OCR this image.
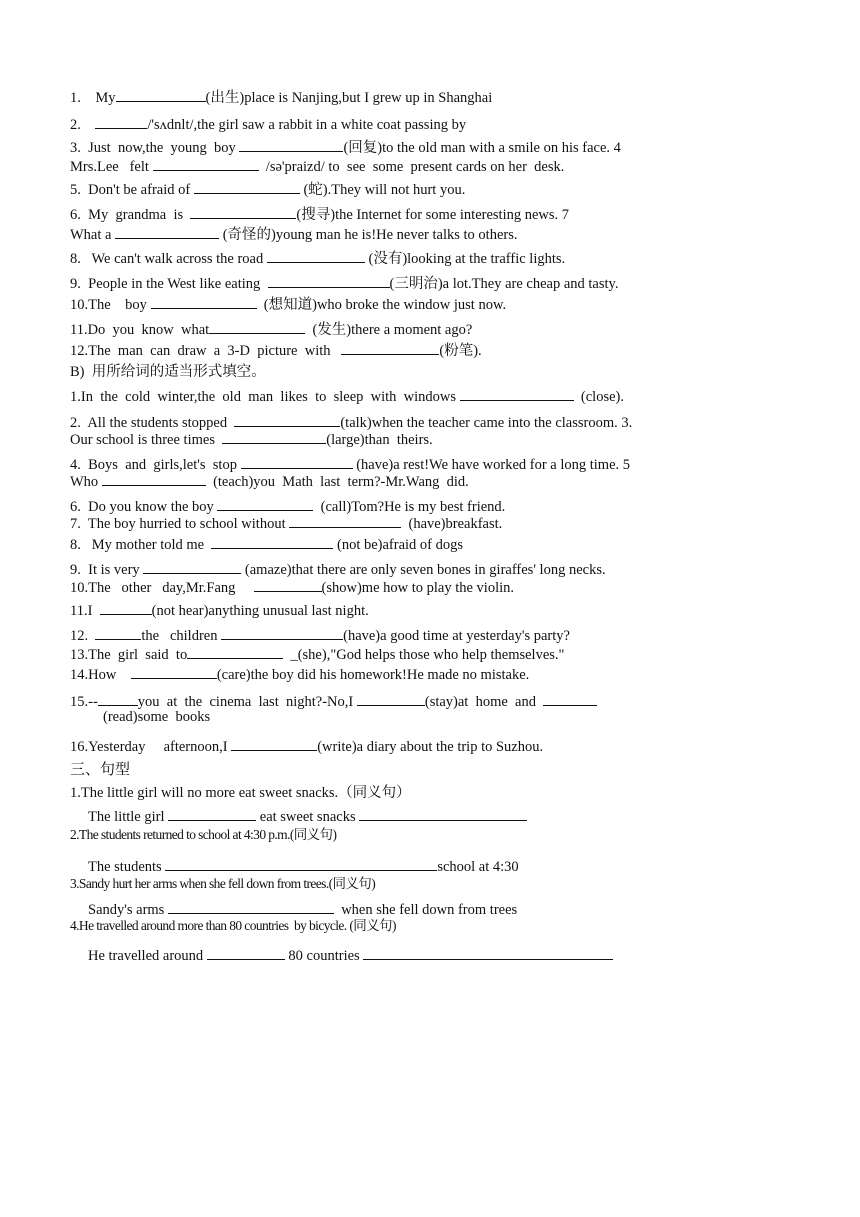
1.    My	(出生)place is Nanjing,but I grew up in Shanghai
2.	/'sʌdnlt/,the girl saw a rabbit in a white coat passing by
3.  Just  now,the  young  boy	(回复)to the old man with a smile on his face. 4
Mrs.Lee   felt	/sə'praizd/ to  see  some  present cards on her  desk.
5.  Don't be afraid of	(蛇).They will not hurt you.
6.  My  grandma  is	(搜寻)the Internet for some interesting news. 7
What a	(奇怪的)young man he is!He never talks to others.
8.   We can't walk across the road	(没有)looking at the traffic lights.
9.  People in the West like eating	(三明治)a lot.They are cheap and tasty.
10.The    boy	(想知道)who broke the window just now.
11.Do  you  know  what	(发生)there a moment ago?
12.The  man  can  draw  a  3-D  picture  with	(粉笔).
B)  用所给词的适当形式填空。
1.In  the  cold  winter,the  old  man  likes  to  sleep  with  windows	(close).
2.  All the students stopped	(talk)when the teacher came into the classroom. 3.
Our school is three times	(large)than  theirs.
4.  Boys  and  girls,let's  stop	(have)a rest!We have worked for a long time. 5
Who	(teach)you  Math  last  term?-Mr.Wang  did.
6.  Do you know the boy	(call)Tom?He is my best friend.
7.  The boy hurried to school without	(have)breakfast.
8.   My mother told me	(not be)afraid of dogs
9.  It is very	(amaze)that there are only seven bones in giraffes' long necks.
10.The   other   day,Mr.Fang	(show)me how to play the violin.
11.I	(not hear)anything unusual last night.
12.	the   children	(have)a good time at yesterday's party?
13.The  girl  said  to	_(she),"God helps those who help themselves."
14.How	(care)the boy did his homework!He made no mistake.
15.--	you  at  the  cinema  last  night?-No,I	(stay)at  home  and
(read)some  books
16.Yesterday     afternoon,I	(write)a diary about the trip to Suzhou.
三、句型
1.The little girl will no more eat sweet snacks.（同义句）
The little girl	eat sweet snacks
2.The students returned to school at 4:30 p.m.(同义句)
The students	school at 4:30
3.Sandy hurt her arms when she fell down from trees.(同义句)
Sandy's arms	when she fell down from trees
4.He travelled around more than 80 countries  by bicycle. (同义句)
He travelled around	80 countries
